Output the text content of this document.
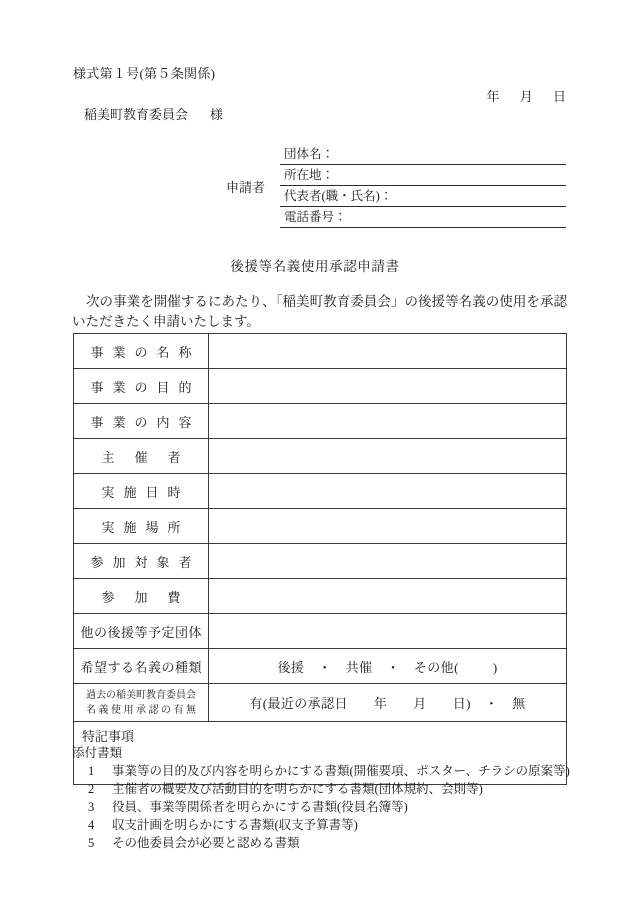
様式第１号(第５条関係)
年 月 日
稲美町教育委員会 様
申請者
団体名：
所在地：
代表者(職・氏名)：
電話番号：
後援等名義使用承認申請書
次の事業を開催するにあたり、「稲美町教育委員会」の後援等名義の使用を承認いただきたく申請いたします。
事業の名称	
事業の目的	
事業の内容	
主催者	
実施日時	
実施場所	
参加対象者	
参加費	
他の後援等予定団体	
希望する名義の種類	後援 ・ 共催 ・ その他( )

過去の稲美町教育委員会
名義使用承認の有無	有(最近の承認日 年 月 日) ・ 無

特記事項	
添付書類
1	事業等の目的及び内容を明らかにする書類(開催要項、ポスター、チラシの原案等)
2	主催者の概要及び活動目的を明らかにする書類(団体規約、会則等)
3	役員、事業等関係者を明らかにする書類(役員名簿等)
4	収支計画を明らかにする書類(収支予算書等)
5	その他委員会が必要と認める書類
